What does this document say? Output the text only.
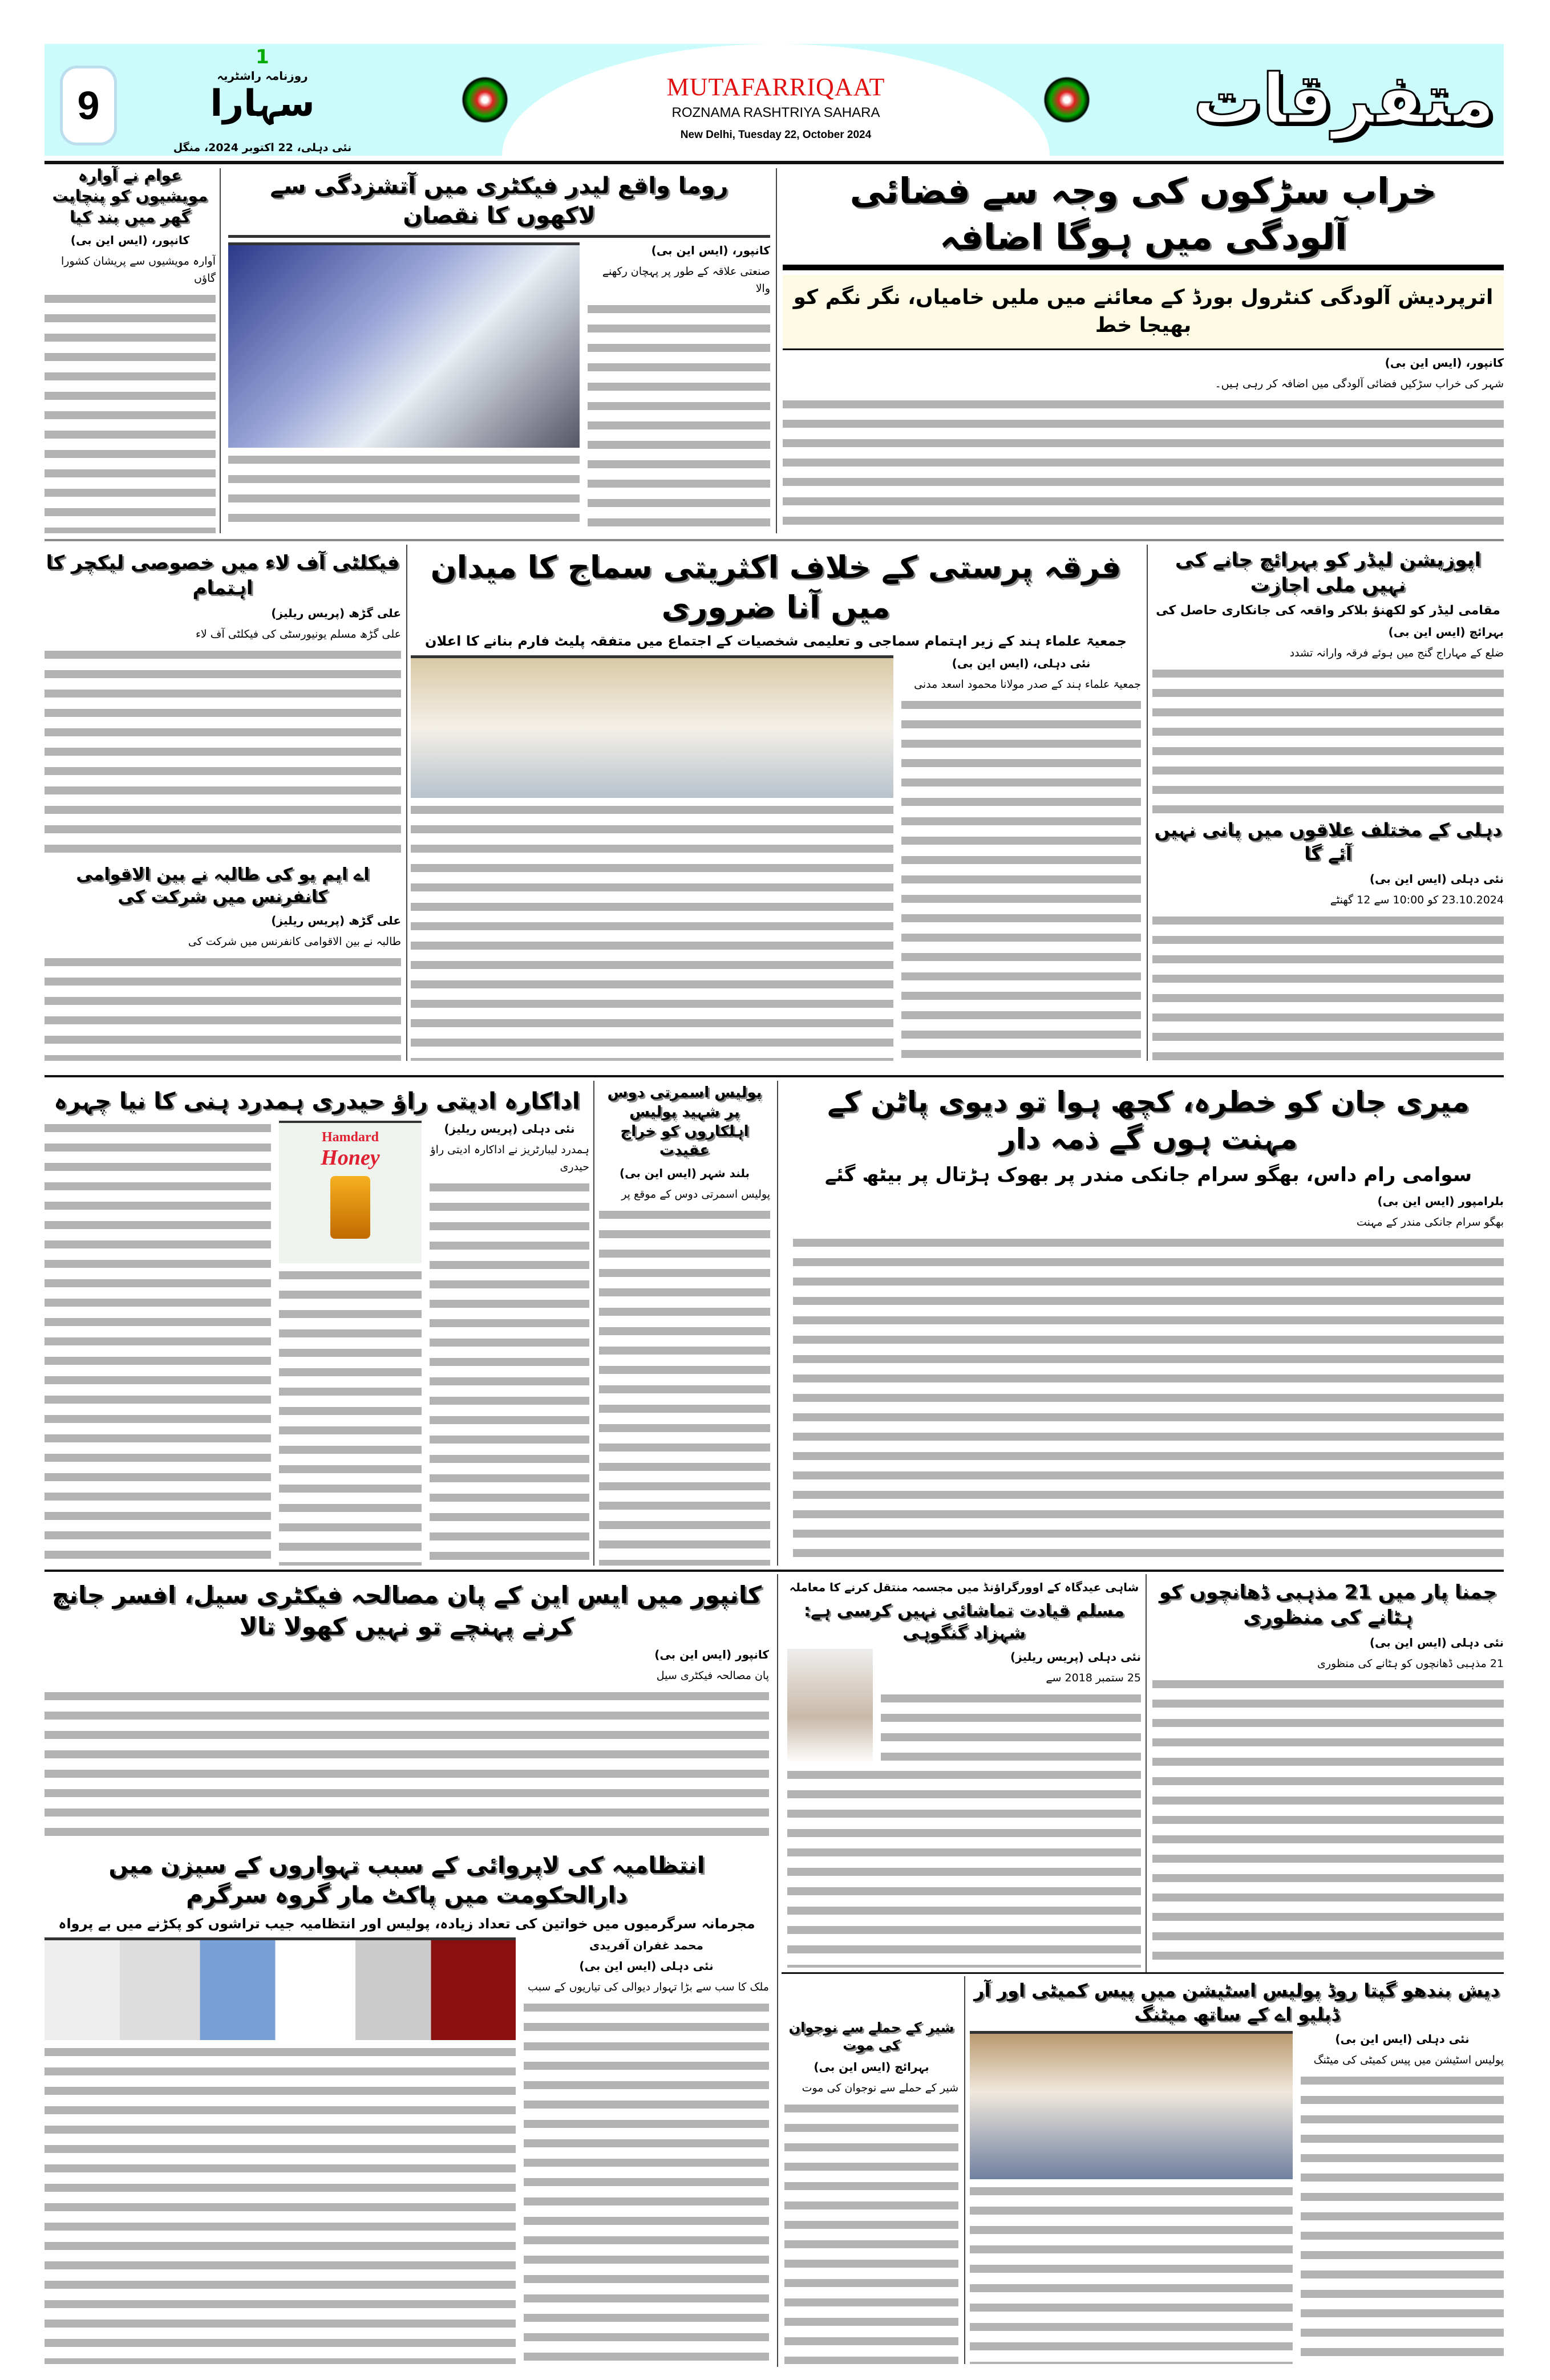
9
1
روزنامہ راشٹریہ
سہارا
نئی دہلی، 22 اکتوبر 2024، منگل
MUTAFARRIQAAT
ROZNAMA RASHTRIYA SAHARA
New Delhi, Tuesday 22, October 2024	متفرقات
خراب سڑکوں کی وجہ سے فضائی آلودگی میں ہوگا اضافہ
اترپردیش آلودگی کنٹرول بورڈ کے معائنے میں ملیں خامیاں، نگر نگم کو بھیجا خط
کانپور، (ایس این بی)
شہر کی خراب سڑکیں فضائی آلودگی میں اضافہ کر رہی ہیں۔
روما واقع لیدر فیکٹری میں آتشزدگی سے لاکھوں کا نقصان
کانپور، (ایس این بی)
صنعتی علاقہ کے طور پر پہچان رکھنے والا
عوام نے آوارہ مویشیوں کو پنچایت گھر میں بند کیا
کانپور، (ایس این بی)
آوارہ مویشیوں سے پریشان کشورا گاؤں
اپوزیشن لیڈر کو بہرائچ جانے کی نہیں ملی اجازت
مقامی لیڈر کو لکھنؤ بلاکر واقعہ کی جانکاری حاصل کی
بہرائچ (ایس این بی)
ضلع کے مہاراج گنج میں ہوئے فرقہ وارانہ تشدد
دہلی کے مختلف علاقوں میں پانی نہیں آئے گا
نئی دہلی (ایس این بی)
23.10.2024 کو 10:00 سے 12 گھنٹے
فرقہ پرستی کے خلاف اکثریتی سماج کا میدان میں آنا ضروری
جمعیۃ علماء ہند کے زیر اہتمام سماجی و تعلیمی شخصیات کے اجتماع میں متفقہ پلیٹ فارم بنانے کا اعلان
نئی دہلی، (ایس این بی)
جمعیۃ علماء ہند کے صدر مولانا محمود اسعد مدنی
فیکلٹی آف لاء میں خصوصی لیکچر کا اہتمام
علی گڑھ (پریس ریلیز)
علی گڑھ مسلم یونیورسٹی کی فیکلٹی آف لاء
اے ایم یو کی طالبہ نے بین الاقوامی کانفرنس میں شرکت کی
علی گڑھ (پریس ریلیز)
طالبہ نے بین الاقوامی کانفرنس میں شرکت کی
میری جان کو خطرہ، کچھ ہوا تو دیوی پاٹن کے مہنت ہوں گے ذمہ دار
سوامی رام داس، بھگو سرام جانکی مندر پر بھوک ہڑتال پر بیٹھ گئے
بلرامپور (ایس این بی)
بھگو سرام جانکی مندر کے مہنت
پولیس اسمرتی دوس پر شہید پولیس اہلکاروں کو خراج عقیدت
بلند شہر (ایس این بی)
پولیس اسمرتی دوس کے موقع پر
اداکارہ ادیتی راؤ حیدری ہمدرد ہنی کا نیا چہرہ
نئی دہلی (پریس ریلیز)
ہمدرد لیبارٹریز نے اداکارہ ادیتی راؤ حیدری
Hamdard
Honey
جمنا پار میں 21 مذہبی ڈھانچوں کو ہٹانے کی منظوری
نئی دہلی (ایس این بی)
21 مذہبی ڈھانچوں کو ہٹانے کی منظوری
شاہی عیدگاہ کے اوورگراؤنڈ میں مجسمہ منتقل کرنے کا معاملہ
مسلم قیادت تماشائی نہیں کرسی ہے: شہزاد گنگوہی
نئی دہلی (پریس ریلیز)
25 ستمبر 2018 سے
کانپور میں ایس این کے پان مصالحہ فیکٹری سیل، افسر جانچ کرنے پہنچے تو نہیں کھولا تالا
کانپور (ایس این بی)
پان مصالحہ فیکٹری سیل
انتظامیہ کی لاپروائی کے سبب تہواروں کے سیزن میں دارالحکومت میں پاکٹ مار گروہ سرگرم
مجرمانہ سرگرمیوں میں خواتین کی تعداد زیادہ، پولیس اور انتظامیہ جیب تراشوں کو پکڑنے میں بے پرواہ
محمد غفران آفریدی
نئی دہلی (ایس این بی)
ملک کا سب سے بڑا تہوار دیوالی کی تیاریوں کے سبب	دیش بندھو گپتا روڈ پولیس اسٹیشن میں پیس کمیٹی اور آر ڈبلیو اے کے ساتھ میٹنگ
نئی دہلی (ایس این بی)
پولیس اسٹیشن میں پیس کمیٹی کی میٹنگ
شیر کے حملے سے نوجوان کی موت
بہرائچ (ایس این بی)
شیر کے حملے سے نوجوان کی موت
